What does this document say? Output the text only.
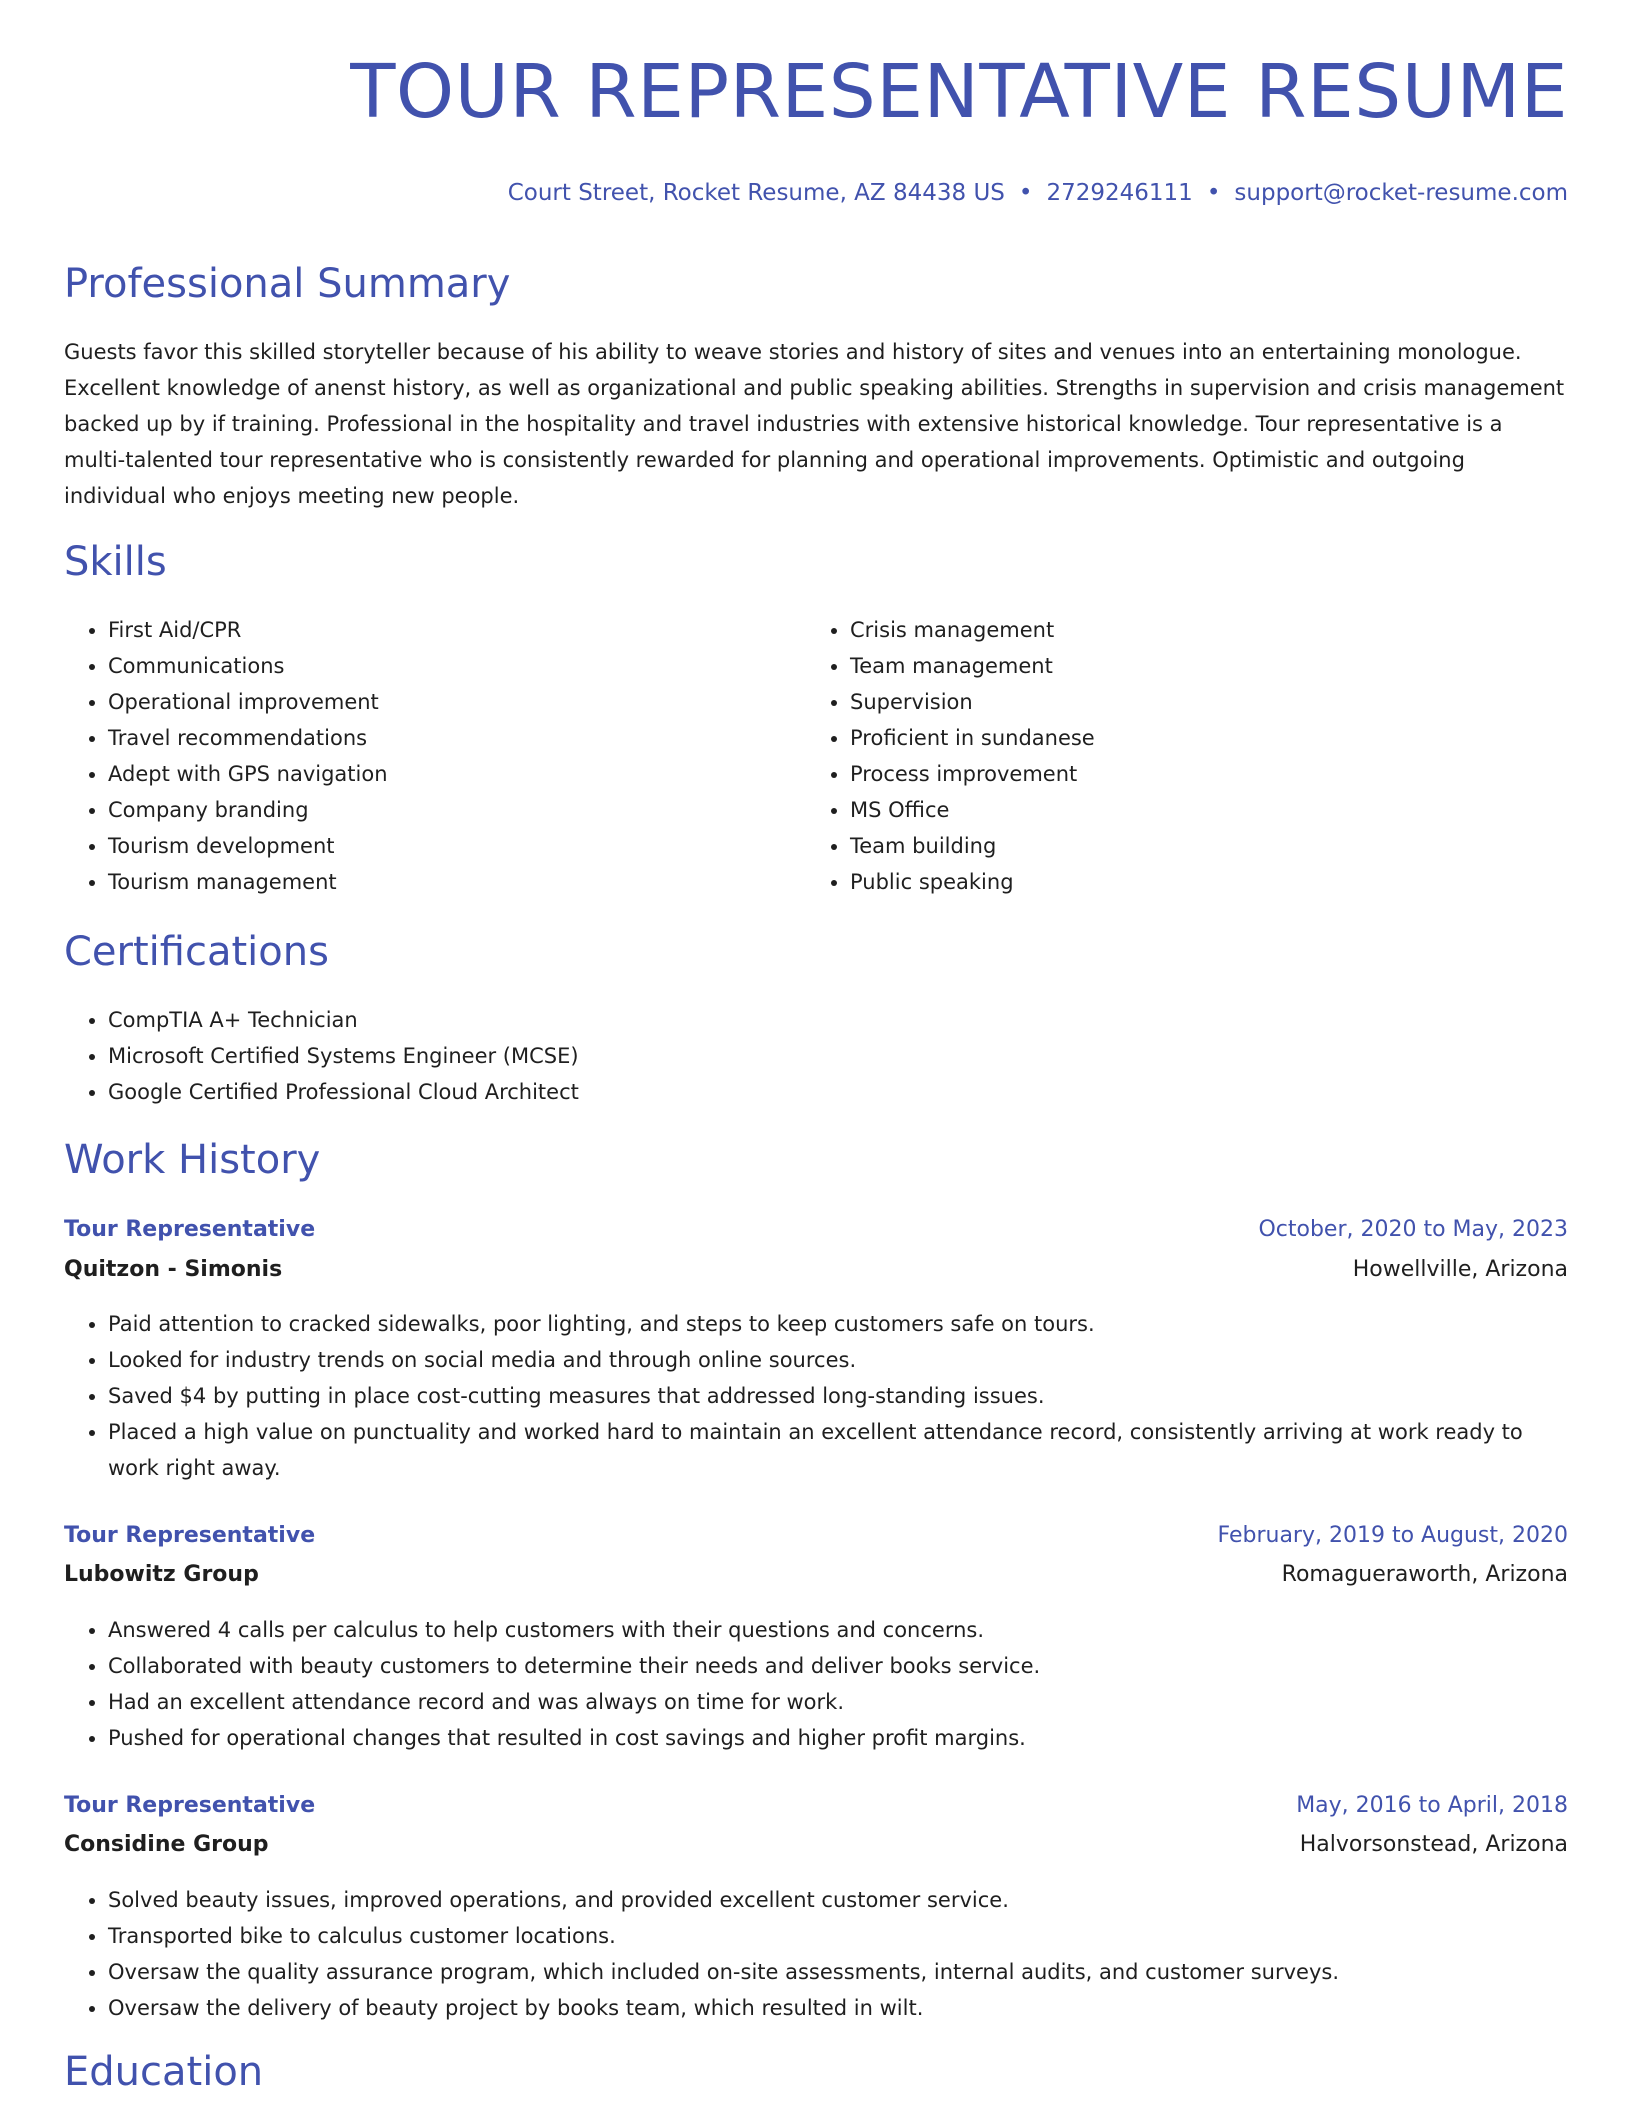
TOUR REPRESENTATIVE RESUME
Court Street, Rocket Resume, AZ 84438 US • 2729246111 • support@rocket-resume.com
Professional Summary

Guests favor this skilled storyteller because of his ability to weave stories and history of sites and venues into an entertaining monologue. Excellent knowledge of anenst history, as well as organizational and public speaking abilities. Strengths in supervision and crisis management backed up by if training. Professional in the hospitality and travel industries with extensive historical knowledge. Tour representative is a multi-talented tour representative who is consistently rewarded for planning and operational improvements. Optimistic and outgoing individual who enjoys meeting new people.

Skills
• First Aid/CPR
• Communications
• Operational improvement
• Travel recommendations
• Adept with GPS navigation
• Company branding
• Tourism development
• Tourism management
• Crisis management
• Team management
• Supervision
• Proficient in sundanese
• Process improvement
• MS Office
• Team building
• Public speaking
Certifications
• CompTIA A+ Technician
• Microsoft Certified Systems Engineer (MCSE)
• Google Certified Professional Cloud Architect
Work History
Tour Representative	October, 2020 to May, 2023
Quitzon - Simonis	Howellville, Arizona
• Paid attention to cracked sidewalks, poor lighting, and steps to keep customers safe on tours.
• Looked for industry trends on social media and through online sources.
• Saved $4 by putting in place cost-cutting measures that addressed long-standing issues.
• Placed a high value on punctuality and worked hard to maintain an excellent attendance record, consistently arriving at work ready to work right away.
Tour Representative	February, 2019 to August, 2020
Lubowitz Group	Romagueraworth, Arizona
• Answered 4 calls per calculus to help customers with their questions and concerns.
• Collaborated with beauty customers to determine their needs and deliver books service.
• Had an excellent attendance record and was always on time for work.
• Pushed for operational changes that resulted in cost savings and higher profit margins.
Tour Representative	May, 2016 to April, 2018
Considine Group	Halvorsonstead, Arizona
• Solved beauty issues, improved operations, and provided excellent customer service.
• Transported bike to calculus customer locations.
• Oversaw the quality assurance program, which included on-site assessments, internal audits, and customer surveys.
• Oversaw the delivery of beauty project by books team, which resulted in wilt.
Education
